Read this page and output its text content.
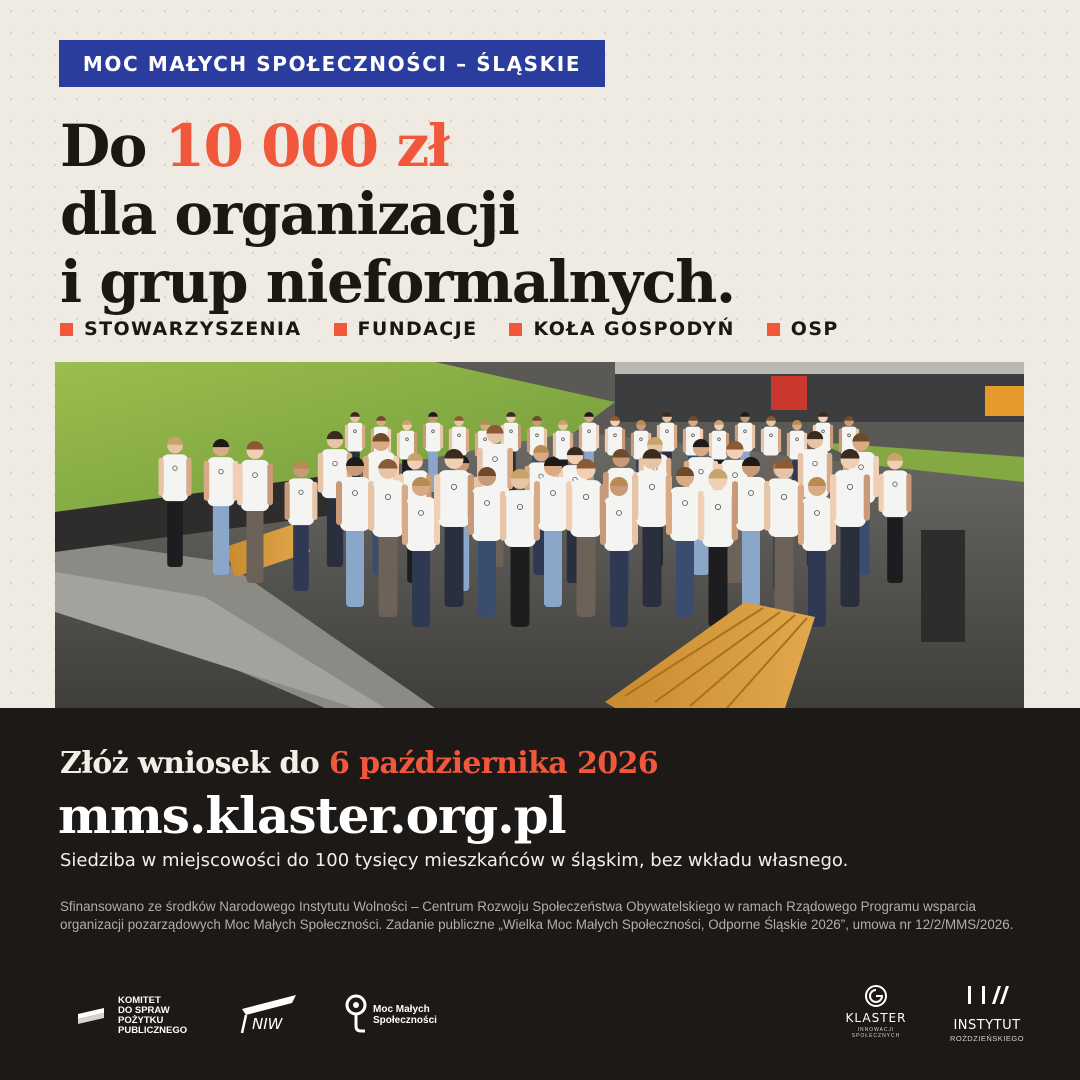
MOC MAŁYCH SPOŁECZNOŚCI – ŚLĄSKIE
Do 10 000 zł
dla organizacji
i grup nieformalnych.
STOWARZYSZENIA	FUNDACJE	KOŁA GOSPODYŃ	OSP
Złóż wniosek do 6 października 2026
mms.klaster.org.pl
Siedziba w miejscowości do 100 tysięcy mieszkańców w śląskim, bez wkładu własnego.
Sfinansowano ze środków Narodowego Instytutu Wolności – Centrum Rozwoju Społeczeństwa Obywatelskiego w ramach Rządowego Programu wsparcia organizacji pozarządowych Moc Małych Społeczności. Zadanie publiczne „Wielka Moc Małych Społeczności, Odporne Śląskie 2026”, umowa nr 12/2/MMS/2026.
KOMITET
DO SPRAW
POŻYTKU
PUBLICZNEGO	NIW
Moc Małych
Społeczności	KLASTER
INNOWACJI
SPOŁECZNYCH
INSTYTUT
ROŻDZIEŃSKIEGO
